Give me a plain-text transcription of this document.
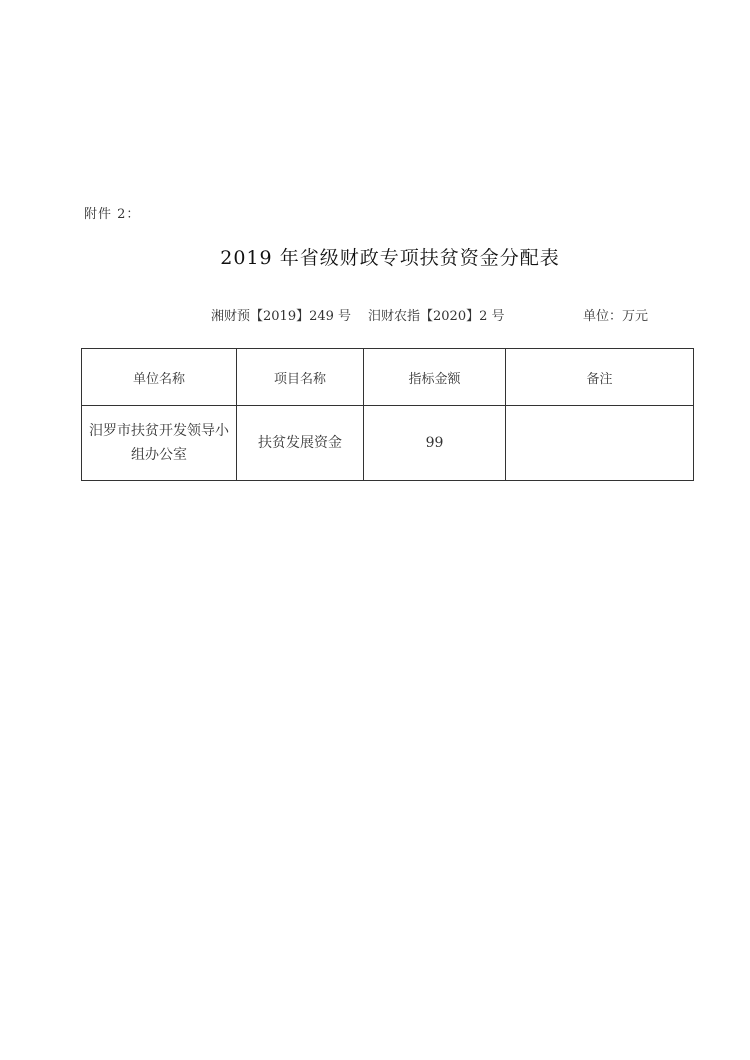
附件 2：
2019 年省级财政专项扶贫资金分配表
湘财预【2019】249 号 汨财农指【2020】2 号	单位：万元
单位名称	项目名称	指标金额	备注
汨罗市扶贫开发领导小组办公室	扶贫发展资金	99	
